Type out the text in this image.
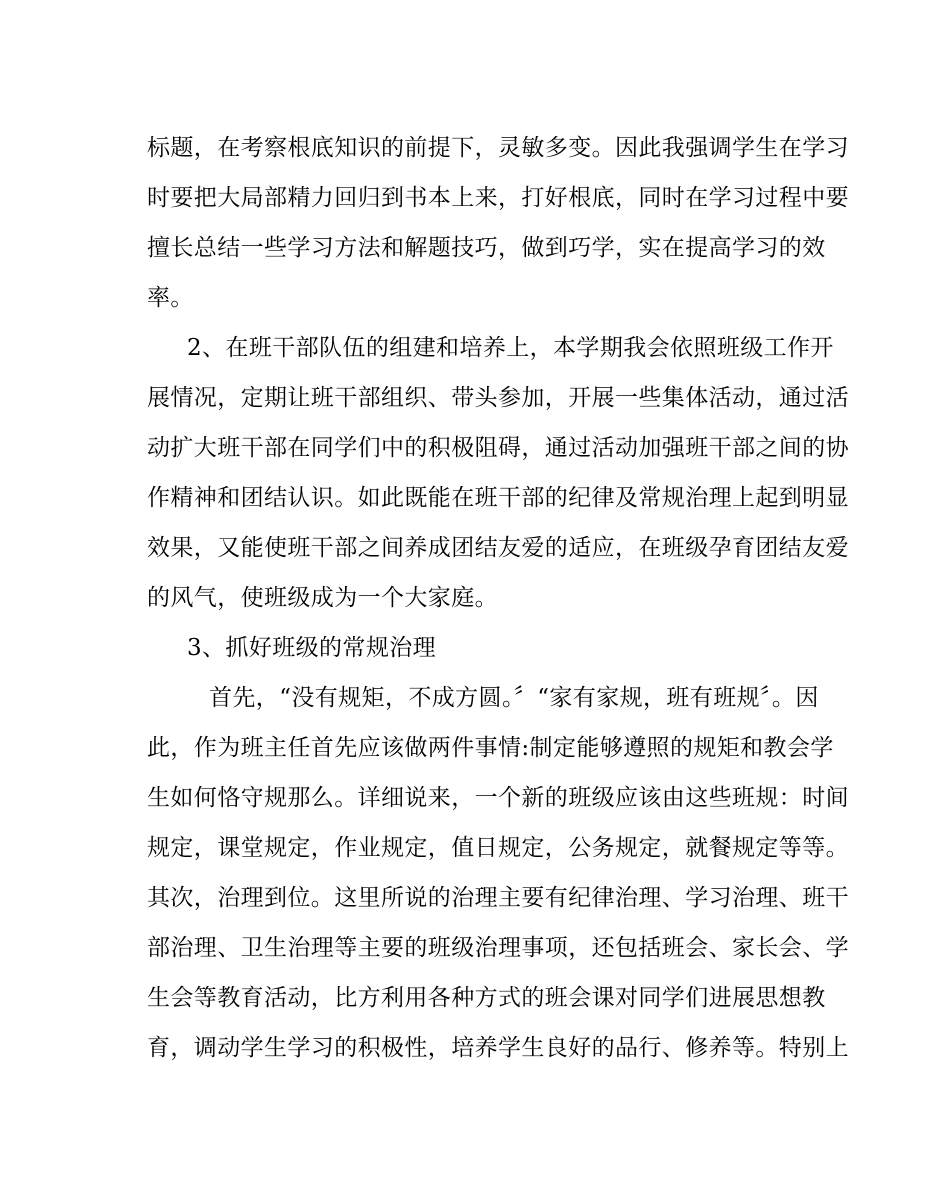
标题，在考察根底知识的前提下，灵敏多变。因此我强调学生在学习
时要把大局部精力回归到书本上来，打好根底，同时在学习过程中要
擅长总结一些学习方法和解题技巧，做到巧学，实在提高学习的效
率。
2、在班干部队伍的组建和培养上，本学期我会依照班级工作开
展情况，定期让班干部组织、带头参加，开展一些集体活动，通过活
动扩大班干部在同学们中的积极阻碍，通过活动加强班干部之间的协
作精神和团结认识。如此既能在班干部的纪律及常规治理上起到明显
效果，又能使班干部之间养成团结友爱的适应，在班级孕育团结友爱
的风气，使班级成为一个大家庭。
3、抓好班级的常规治理
首先，“没有规矩，不成方圆。〞“家有家规，班有班规〞。因
此，作为班主任首先应该做两件事情:制定能够遵照的规矩和教会学
生如何恪守规那么。详细说来，一个新的班级应该由这些班规：时间
规定，课堂规定，作业规定，值日规定，公务规定，就餐规定等等。
其次，治理到位。这里所说的治理主要有纪律治理、学习治理、班干
部治理、卫生治理等主要的班级治理事项，还包括班会、家长会、学
生会等教育活动，比方利用各种方式的班会课对同学们进展思想教
育，调动学生学习的积极性，培养学生良好的品行、修养等。特别上
